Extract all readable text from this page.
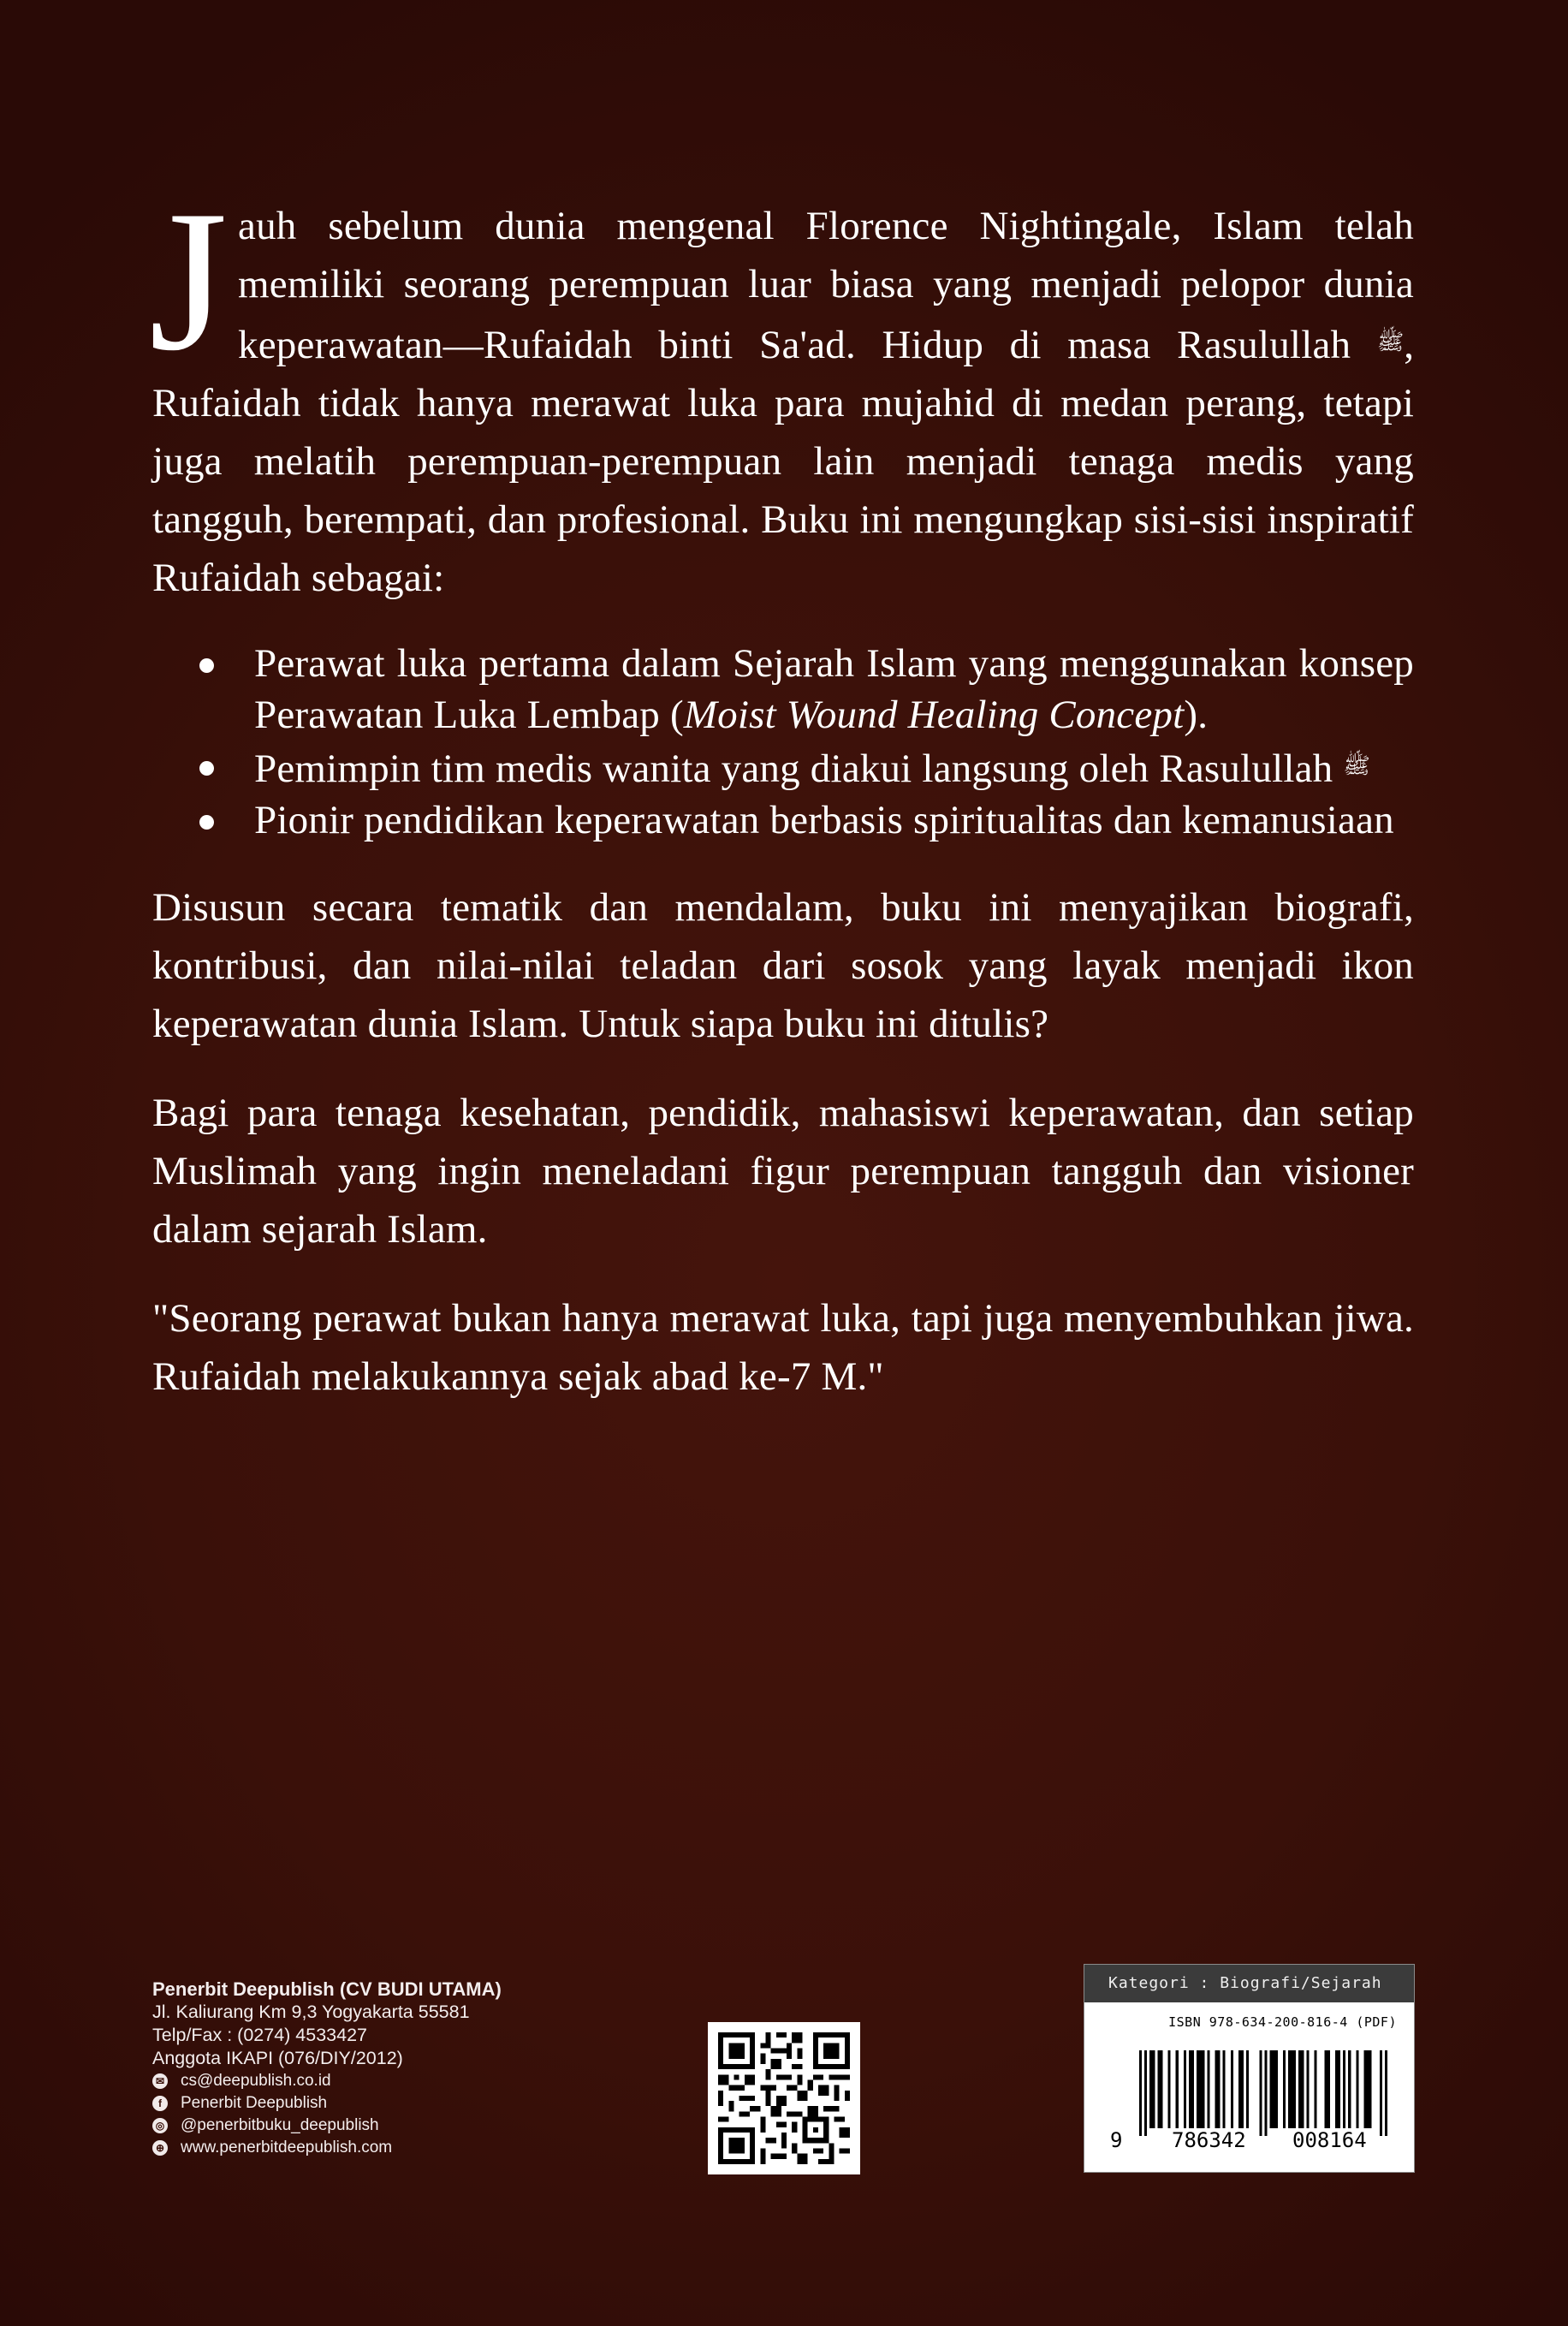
Jauh sebelum dunia mengenal Florence Nightingale, Islam telah memiliki seorang perempuan luar biasa yang menjadi pelopor dunia keperawatan—Rufaidah binti Sa'ad. Hidup di masa Rasulullah $^ﷺ$, Rufaidah tidak hanya merawat luka para mujahid di medan perang, tetapi juga melatih perempuan-perempuan lain menjadi tenaga medis yang tangguh, berempati, dan profesional. Buku ini mengungkap sisi-sisi inspiratif Rufaidah sebagai:

Perawat luka pertama dalam Sejarah Islam yang menggunakan konsep Perawatan Luka Lembap (Moist Wound Healing Concept).
Pemimpin tim medis wanita yang diakui langsung oleh Rasulullah $^ﷺ$
Pionir pendidikan keperawatan berbasis spiritualitas dan kemanusiaan

Disusun secara tematik dan mendalam, buku ini menyajikan biografi, kontribusi, dan nilai-nilai teladan dari sosok yang layak menjadi ikon keperawatan dunia Islam. Untuk siapa buku ini ditulis?

Bagi para tenaga kesehatan, pendidik, mahasiswi keperawatan, dan setiap Muslimah yang ingin meneladani figur perempuan tangguh dan visioner dalam sejarah Islam.

"Seorang perawat bukan hanya merawat luka, tapi juga menyembuhkan jiwa. Rufaidah melakukannya sejak abad ke-7 M."

Penerbit Deepublish (CV BUDI UTAMA)
Jl. Kaliurang Km 9,3 Yogyakarta 55581
Telp/Fax : (0274) 4533427
Anggota IKAPI (076/DIY/2012)
✉ cs@deepublish.co.id
f	Penerbit Deepublish
◎ @penerbitbuku_deepublish
⊕ www.penerbitdeepublish.com
Kategori : Biografi/Sejarah
ISBN 978-634-200-816-4 (PDF)
9 786342 008164
